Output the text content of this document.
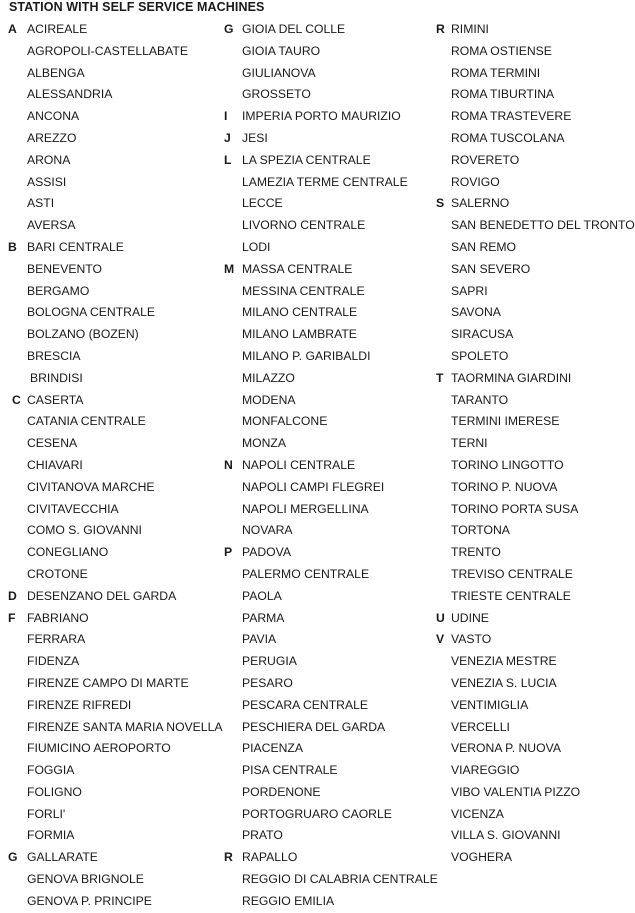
STATION WITH SELF SERVICE MACHINES
A ACIREALE
AGROPOLI-CASTELLABATE
ALBENGA
ALESSANDRIA
ANCONA
AREZZO
ARONA
ASSISI
ASTI
AVERSA
B BARI CENTRALE
BENEVENTO
BERGAMO
BOLOGNA CENTRALE
BOLZANO (BOZEN)
BRESCIA
BRINDISI
C CASERTA
CATANIA CENTRALE
CESENA
CHIAVARI
CIVITANOVA MARCHE
CIVITAVECCHIA
COMO S. GIOVANNI
CONEGLIANO
CROTONE
D DESENZANO DEL GARDA
F FABRIANO
FERRARA
FIDENZA
FIRENZE CAMPO DI MARTE
FIRENZE RIFREDI
FIRENZE SANTA MARIA NOVELLA
FIUMICINO AEROPORTO
FOGGIA
FOLIGNO
FORLI'
FORMIA
G GALLARATE
GENOVA BRIGNOLE
GENOVA P. PRINCIPE
G GIOIA DEL COLLE
GIOIA TAURO
GIULIANOVA
GROSSETO
I IMPERIA PORTO MAURIZIO
J JESI
L LA SPEZIA CENTRALE
LAMEZIA TERME CENTRALE
LECCE
LIVORNO CENTRALE
LODI
M MASSA CENTRALE
MESSINA CENTRALE
MILANO CENTRALE
MILANO LAMBRATE
MILANO P. GARIBALDI
MILAZZO
MODENA
MONFALCONE
MONZA
N NAPOLI CENTRALE
NAPOLI CAMPI FLEGREI
NAPOLI MERGELLINA
NOVARA
P PADOVA
PALERMO CENTRALE
PAOLA
PARMA
PAVIA
PERUGIA
PESARO
PESCARA CENTRALE
PESCHIERA DEL GARDA
PIACENZA
PISA CENTRALE
PORDENONE
PORTOGRUARO CAORLE
PRATO
R RAPALLO
REGGIO DI CALABRIA CENTRALE
REGGIO EMILIA
R RIMINI
ROMA OSTIENSE
ROMA TERMINI
ROMA TIBURTINA
ROMA TRASTEVERE
ROMA TUSCOLANA
ROVERETO
ROVIGO
S SALERNO
SAN BENEDETTO DEL TRONTO
SAN REMO
SAN SEVERO
SAPRI
SAVONA
SIRACUSA
SPOLETO
T TAORMINA GIARDINI
TARANTO
TERMINI IMERESE
TERNI
TORINO LINGOTTO
TORINO P. NUOVA
TORINO PORTA SUSA
TORTONA
TRENTO
TREVISO CENTRALE
TRIESTE CENTRALE
U UDINE
V VASTO
VENEZIA MESTRE
VENEZIA S. LUCIA
VENTIMIGLIA
VERCELLI
VERONA P. NUOVA
VIAREGGIO
VIBO VALENTIA PIZZO
VICENZA
VILLA S. GIOVANNI
VOGHERA
